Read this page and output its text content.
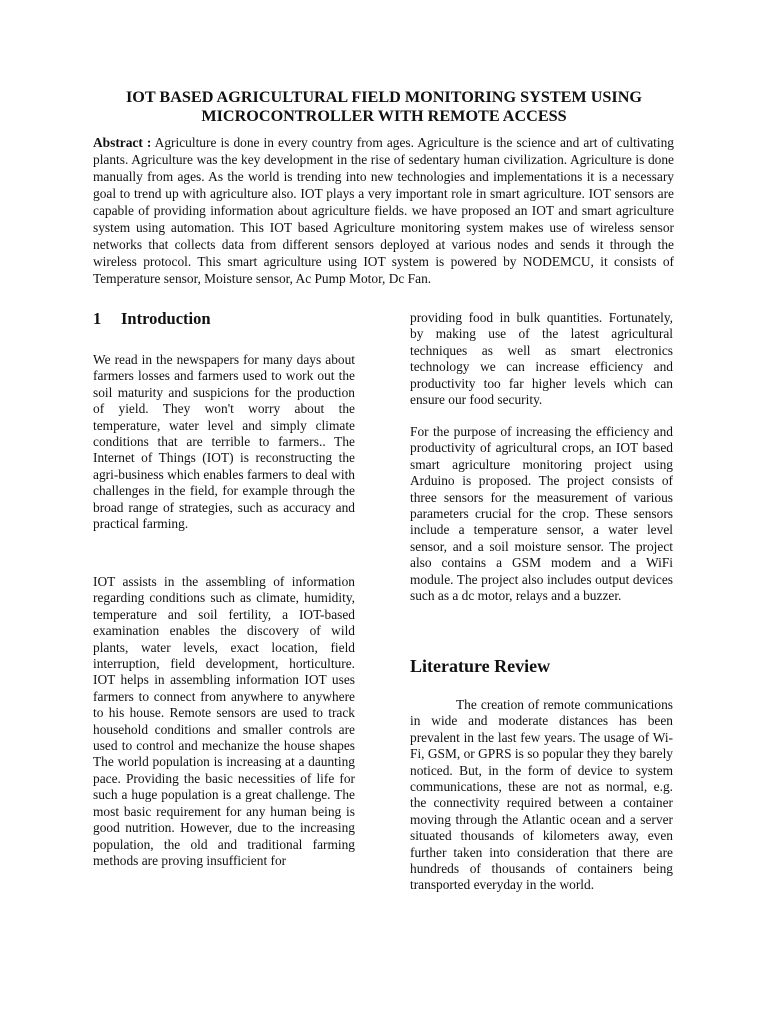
IOT BASED AGRICULTURAL FIELD MONITORING SYSTEM USING
MICROCONTROLLER WITH REMOTE ACCESS

Abstract : Agriculture is done in every country from ages. Agriculture is the science and art of cultivating plants. Agriculture was the key development in the rise of sedentary human civilization. Agriculture is done manually from ages. As the world is trending into new technologies and implementations it is a necessary goal to trend up with agriculture also. IOT plays a very important role in smart agriculture. IOT sensors are capable of providing information about agriculture fields. we have proposed an IOT and smart agriculture system using automation. This IOT based Agriculture monitoring system makes use of wireless sensor networks that collects data from different sensors deployed at various nodes and sends it through the wireless protocol. This smart agriculture using IOT system is powered by NODEMCU, it consists of Temperature sensor, Moisture sensor, Ac Pump Motor, Dc Fan.

1 Introduction

We read in the newspapers for many days about farmers losses and farmers used to work out the soil maturity and suspicions for the production of yield. They won't worry about the temperature, water level and simply climate conditions that are terrible to farmers.. The Internet of Things (IOT) is reconstructing the agri-business which enables farmers to deal with challenges in the field, for example through the broad range of strategies, such as accuracy and practical farming.

IOT assists in the assembling of information regarding conditions such as climate, humidity, temperature and soil fertility, a IOT-based examination enables the discovery of wild plants, water levels, exact location, field interruption, field development, horticulture. IOT helps in assembling information IOT uses farmers to connect from anywhere to anywhere to his house. Remote sensors are used to track household conditions and smaller controls are used to control and mechanize the house shapes The world population is increasing at a daunting pace. Providing the basic necessities of life for such a huge population is a great challenge. The most basic requirement for any human being is good nutrition. However, due to the increasing population, the old and traditional farming methods are proving insufficient for

providing food in bulk quantities. Fortunately, by making use of the latest agricultural techniques as well as smart electronics technology we can increase efficiency and productivity too far higher levels which can ensure our food security.

For the purpose of increasing the efficiency and productivity of agricultural crops, an IOT based smart agriculture monitoring project using Arduino is proposed. The project consists of three sensors for the measurement of various parameters crucial for the crop. These sensors include a temperature sensor, a water level sensor, and a soil moisture sensor. The project also contains a GSM modem and a WiFi module. The project also includes output devices such as a dc motor, relays and a buzzer.

Literature Review

The creation of remote communications in wide and moderate distances has been prevalent in the last few years. The usage of Wi-Fi, GSM, or GPRS is so popular they they barely noticed. But, in the form of device to system communications, these are not as normal, e.g. the connectivity required between a container moving through the Atlantic ocean and a server situated thousands of kilometers away, even further taken into consideration that there are hundreds of thousands of containers being transported everyday in the world.
